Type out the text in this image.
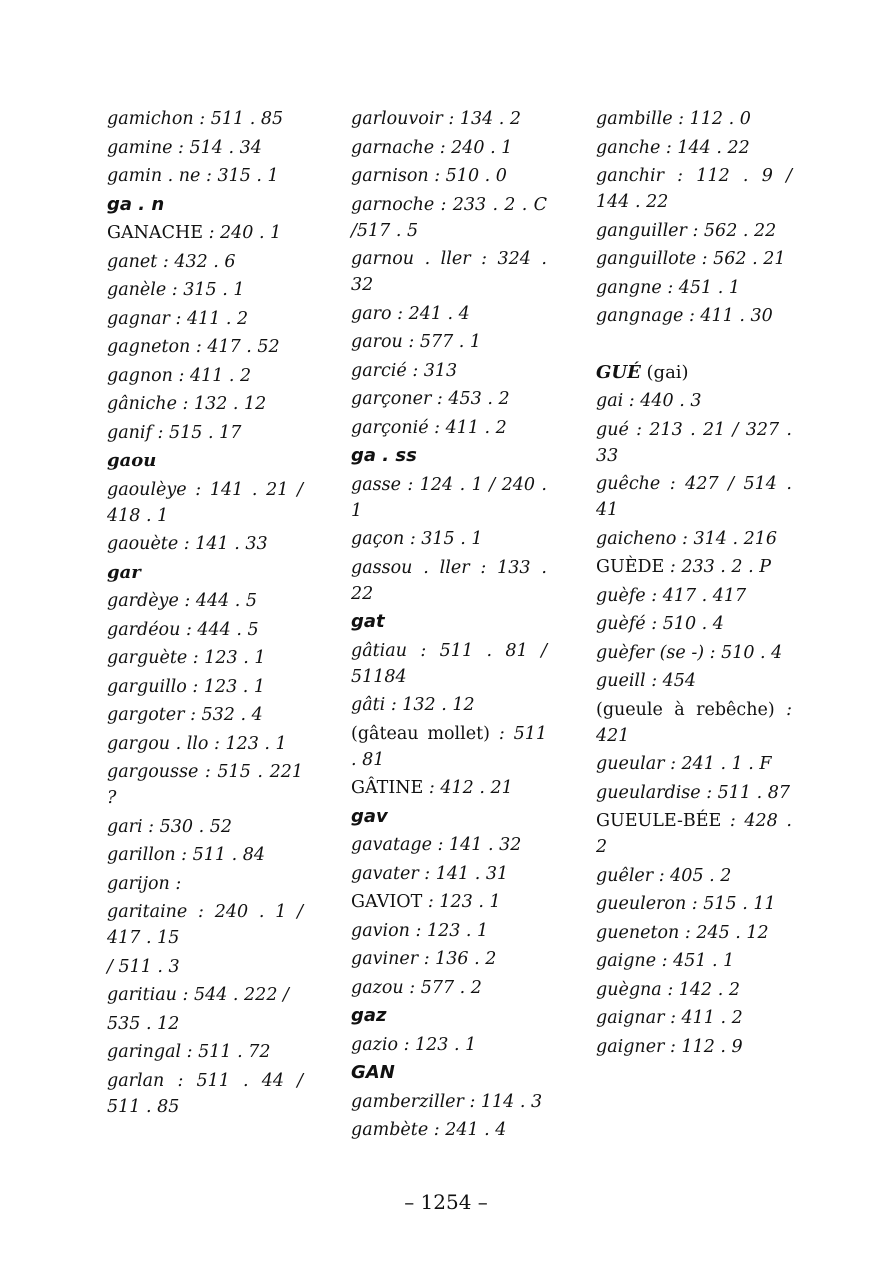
gamichon : 511 . 85
gamine : 514 . 34
gamin . ne : 315 . 1
ga . n
GANACHE : 240 . 1
ganet : 432 . 6
ganèle : 315 . 1
gagnar : 411 . 2
gagneton : 417 . 52
gagnon : 411 . 2
gâniche : 132 . 12
ganif : 515 . 17
gaou
gaoulèye : 141 . 21 / 418 . 1
gaouète : 141 . 33
gar
gardèye : 444 . 5
gardéou : 444 . 5
garguète : 123 . 1
garguillo : 123 . 1
gargoter : 532 . 4
gargou . llo : 123 . 1
gargousse : 515 . 221 ?
gari : 530 . 52
garillon : 511 . 84
garijon :
garitaine : 240 . 1 / 417 . 15
/ 511 . 3
garitiau : 544 . 222 /
535 . 12
garingal : 511 . 72
garlan : 511 . 44 / 511 . 85
garlouvoir : 134 . 2
garnache : 240 . 1
garnison : 510 . 0
garnoche : 233 . 2 . C /517 . 5
garnou . ller : 324 . 32
garo : 241 . 4
garou : 577 . 1
garcié : 313
garçoner : 453 . 2
garçonié : 411 . 2
ga . ss
gasse : 124 . 1 / 240 . 1
gaçon : 315 . 1
gassou . ller : 133 . 22
gat
gâtiau : 511 . 81 / 51184
gâti : 132 . 12
(gâteau mollet) : 511 . 81
GÂTINE : 412 . 21
gav
gavatage : 141 . 32
gavater : 141 . 31
GAVIOT : 123 . 1
gavion : 123 . 1
gaviner : 136 . 2
gazou : 577 . 2
gaz
gazio : 123 . 1
GAN
gamberziller : 114 . 3
gambète : 241 . 4
gambille : 112 . 0
ganche : 144 . 22
ganchir : 112 . 9 / 144 . 22
ganguiller : 562 . 22
ganguillote : 562 . 21
gangne : 451 . 1
gangnage : 411 . 30
GUÉ (gai)
gai : 440 . 3
gué : 213 . 21 / 327 . 33
guêche : 427 / 514 . 41
gaicheno : 314 . 216
GUÈDE : 233 . 2 . P
guèfe : 417 . 417
guèfé : 510 . 4
guèfer (se -) : 510 . 4
gueill : 454
(gueule à rebêche) : 421
gueular : 241 . 1 . F
gueulardise : 511 . 87
GUEULE-BÉE : 428 . 2
guêler : 405 . 2
gueuleron : 515 . 11
gueneton : 245 . 12
gaigne : 451 . 1
guègna : 142 . 2
gaignar : 411 . 2
gaigner : 112 . 9
– 1254 –
